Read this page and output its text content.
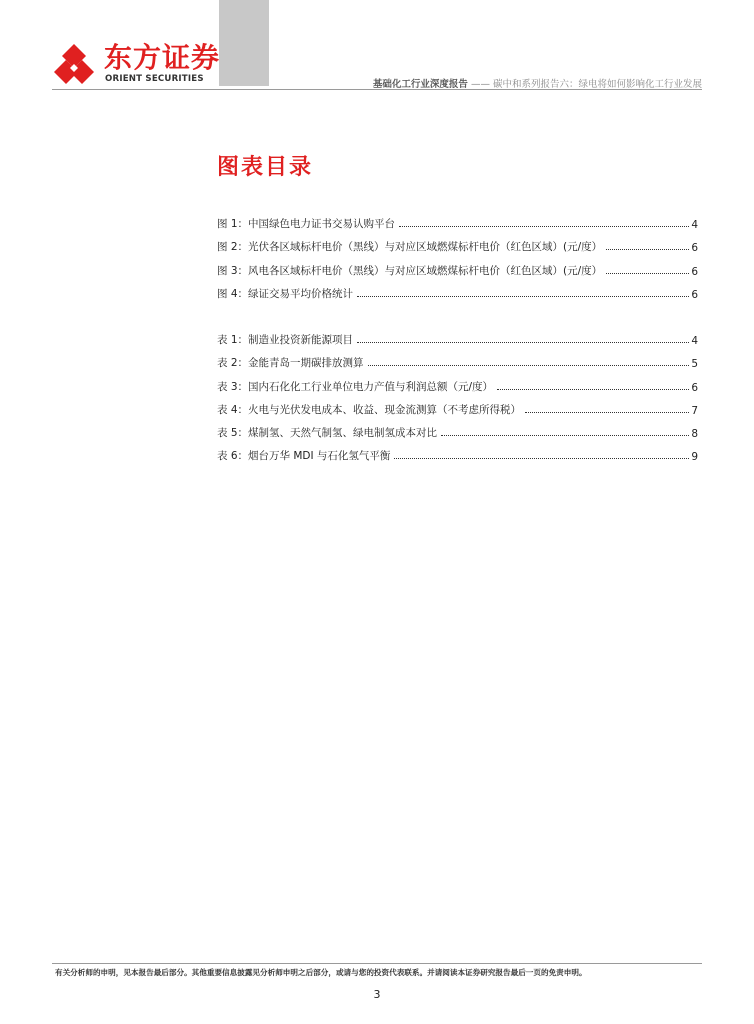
东方证券
ORIENT SECURITIES	基础化工行业深度报告 —— 碳中和系列报告六：绿电将如何影响化工行业发展
图表目录
图 1：中国绿色电力证书交易认购平台	4
图 2：光伏各区域标杆电价（黑线）与对应区域燃煤标杆电价（红色区域）(元/度）	6
图 3：风电各区域标杆电价（黑线）与对应区域燃煤标杆电价（红色区域）(元/度）	6
图 4：绿证交易平均价格统计	6
表 1：制造业投资新能源项目	4
表 2：金能青岛一期碳排放测算	5
表 3：国内石化化工行业单位电力产值与利润总额（元/度）	6
表 4：火电与光伏发电成本、收益、现金流测算（不考虑所得税）	7
表 5：煤制氢、天然气制氢、绿电制氢成本对比	8
表 6：烟台万华 MDI 与石化氢气平衡	9
有关分析师的申明，见本报告最后部分。其他重要信息披露见分析师申明之后部分，或请与您的投资代表联系。并请阅读本证券研究报告最后一页的免责申明。
3
